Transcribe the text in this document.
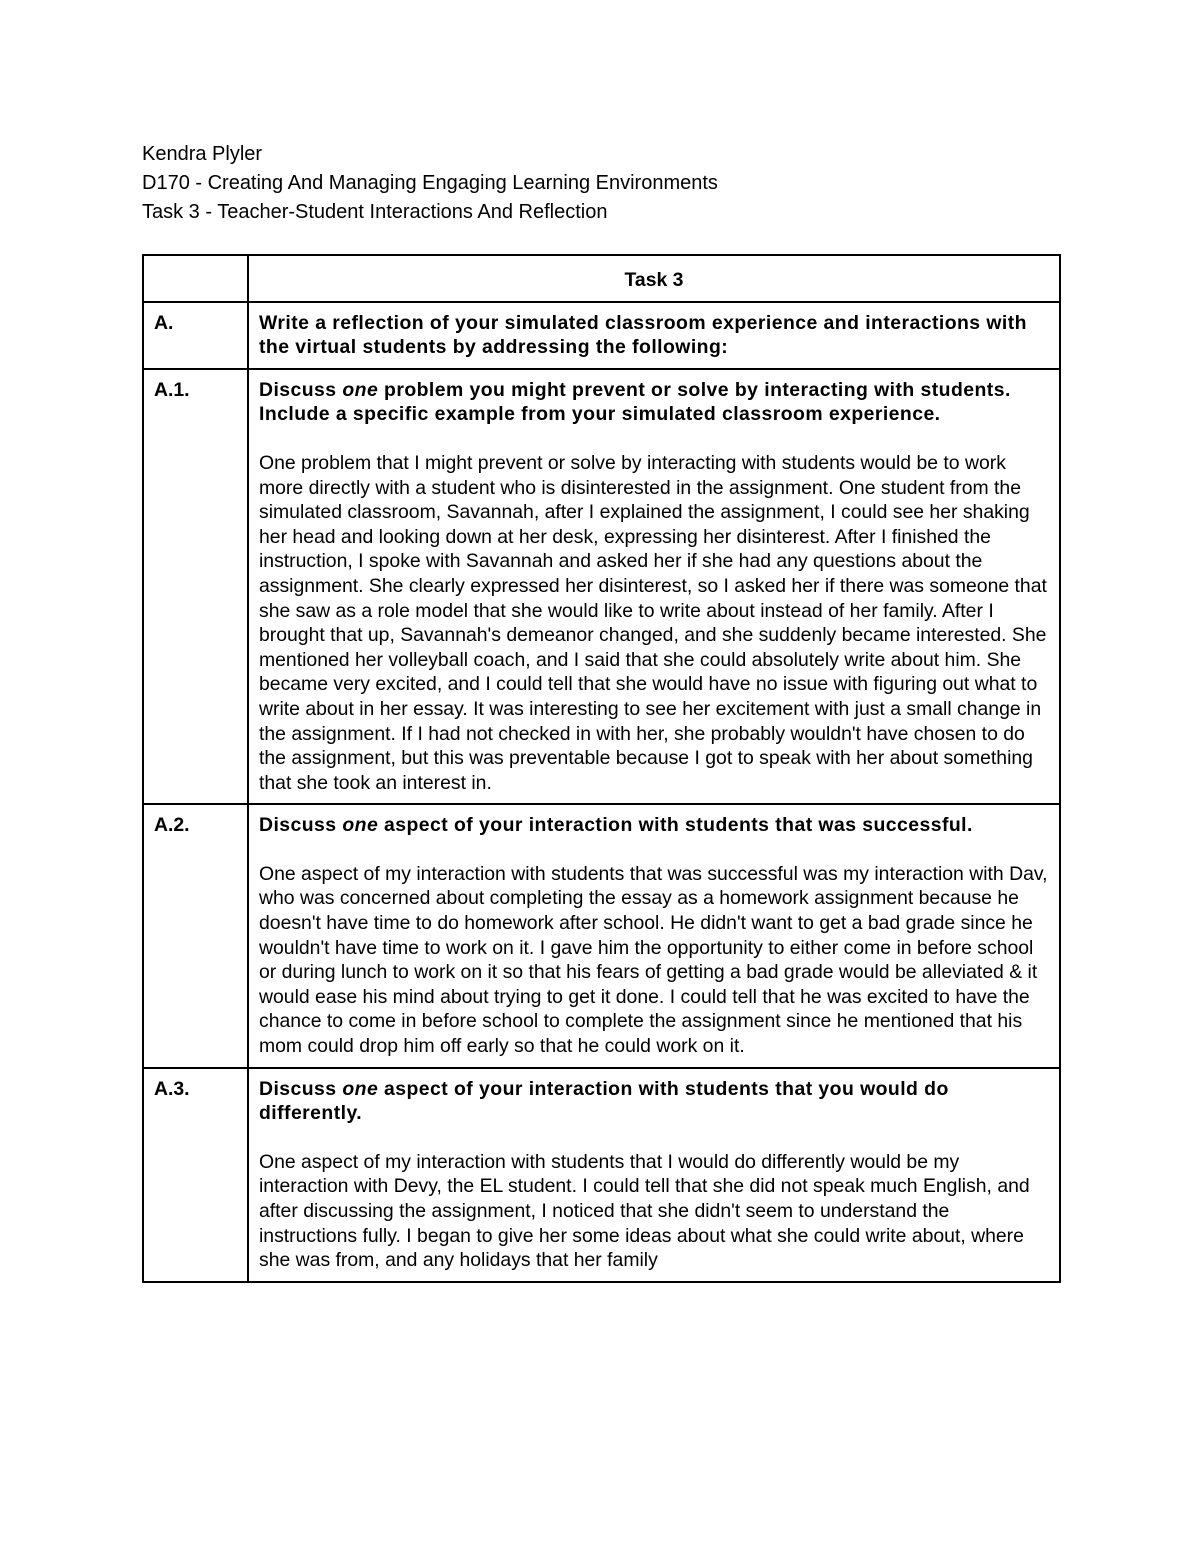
Kendra Plyler
D170 - Creating And Managing Engaging Learning Environments
Task 3 - Teacher-Student Interactions And Reflection
	Task 3
A.	Write a reflection of your simulated classroom experience and interactions with the virtual students by addressing the following:

A.1.	Discuss one problem you might prevent or solve by interacting with students. Include a specific example from your simulated classroom experience.

One problem that I might prevent or solve by interacting with students would be to work more directly with a student who is disinterested in the assignment. One student from the simulated classroom, Savannah, after I explained the assignment, I could see her shaking her head and looking down at her desk, expressing her disinterest. After I finished the instruction, I spoke with Savannah and asked her if she had any questions about the assignment. She clearly expressed her disinterest, so I asked her if there was someone that she saw as a role model that she would like to write about instead of her family. After I brought that up, Savannah's demeanor changed, and she suddenly became interested. She mentioned her volleyball coach, and I said that she could absolutely write about him. She became very excited, and I could tell that she would have no issue with figuring out what to write about in her essay. It was interesting to see her excitement with just a small change in the assignment. If I had not checked in with her, she probably wouldn't have chosen to do the assignment, but this was preventable because I got to speak with her about something that she took an interest in.

A.2.	Discuss one aspect of your interaction with students that was successful.

One aspect of my interaction with students that was successful was my interaction with Dav, who was concerned about completing the essay as a homework assignment because he doesn't have time to do homework after school. He didn't want to get a bad grade since he wouldn't have time to work on it. I gave him the opportunity to either come in before school or during lunch to work on it so that his fears of getting a bad grade would be alleviated & it would ease his mind about trying to get it done. I could tell that he was excited to have the chance to come in before school to complete the assignment since he mentioned that his mom could drop him off early so that he could work on it.

A.3.	Discuss one aspect of your interaction with students that you would do differently.

One aspect of my interaction with students that I would do differently would be my interaction with Devy, the EL student. I could tell that she did not speak much English, and after discussing the assignment, I noticed that she didn't seem to understand the instructions fully. I began to give her some ideas about what she could write about, where she was from, and any holidays that her family
